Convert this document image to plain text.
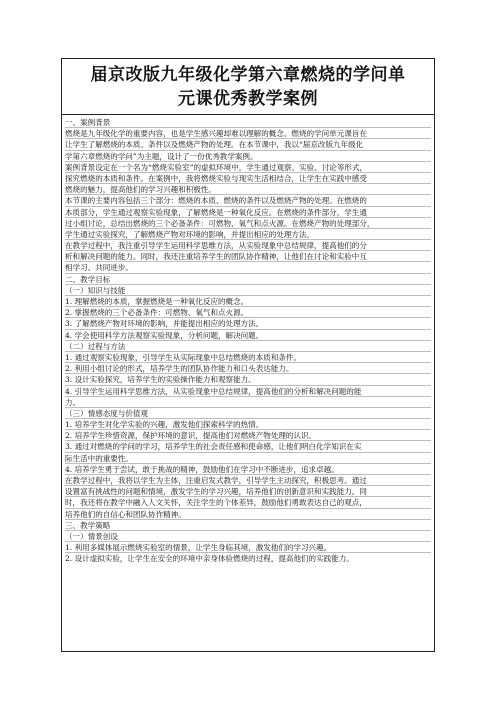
届京改版九年级化学第六章燃烧的学问单
元课优秀教学案例
一、案例背景
燃烧是九年级化学的重要内容，也是学生感兴趣却难以理解的概念。燃烧的学问单元课旨在
让学生了解燃烧的本质、条件以及燃烧产物的处理。在本节课中，我以“届京改版九年级化
学第六章燃烧的学问”为主题，设计了一份优秀教学案例。
案例背景设定在一个名为“燃烧实验室”的虚拟环境中，学生通过观察、实验、讨论等形式，
探究燃烧的本质和条件。在案例中，我将燃烧实验与现实生活相结合，让学生在实践中感受
燃烧的魅力，提高他们的学习兴趣和积极性。
本节课的主要内容包括三个部分：燃烧的本质、燃烧的条件以及燃烧产物的处理。在燃烧的
本质部分，学生通过观察实验现象，了解燃烧是一种氧化反应。在燃烧的条件部分，学生通
过小组讨论，总结出燃烧的三个必备条件：可燃物、氧气和点火源。在燃烧产物的处理部分，
学生通过实验探究，了解燃烧产物对环境的影响，并提出相应的处理方法。
在教学过程中，我注重引导学生运用科学思维方法，从实验现象中总结规律，提高他们的分
析和解决问题的能力。同时，我还注重培养学生的团队协作精神，让他们在讨论和实验中互
相学习、共同进步。
二、教学目标
（一）知识与技能
1. 理解燃烧的本质，掌握燃烧是一种氧化反应的概念。
2. 掌握燃烧的三个必备条件：可燃物、氧气和点火源。
3. 了解燃烧产物对环境的影响，并能提出相应的处理方法。
4. 学会使用科学方法观察实验现象，分析问题，解决问题。
（二）过程与方法
1. 通过观察实验现象，引导学生从实际现象中总结燃烧的本质和条件。
2. 利用小组讨论的形式，培养学生的团队协作能力和口头表达能力。
3. 设计实验探究，培养学生的实验操作能力和观察能力。
4. 引导学生运用科学思维方法，从实验现象中总结规律，提高他们的分析和解决问题的能
力。
（三）情感态度与价值观
1. 培养学生对化学实验的兴趣，激发他们探索科学的热情。
2. 培养学生珍惜资源，保护环境的意识，提高他们对燃烧产物处理的认识。
3. 通过对燃烧的学问的学习，培养学生的社会责任感和使命感，让他们明白化学知识在实
际生活中的重要性。
4. 培养学生勇于尝试，敢于挑战的精神，鼓励他们在学习中不断进步，追求卓越。
在教学过程中，我将以学生为主体，注重启发式教学，引导学生主动探究，积极思考。通过
设置富有挑战性的问题和情境，激发学生的学习兴趣，培养他们的创新意识和实践能力。同
时，我还将在教学中融入人文关怀，关注学生的个体差异，鼓励他们勇敢表达自己的观点，
培养他们的自信心和团队协作精神。
三、教学策略
（一）情景创设
1. 利用多媒体展示燃烧实验室的情景，让学生身临其境，激发他们的学习兴趣。
2. 设计虚拟实验，让学生在安全的环境中亲身体验燃烧的过程，提高他们的实践能力。
